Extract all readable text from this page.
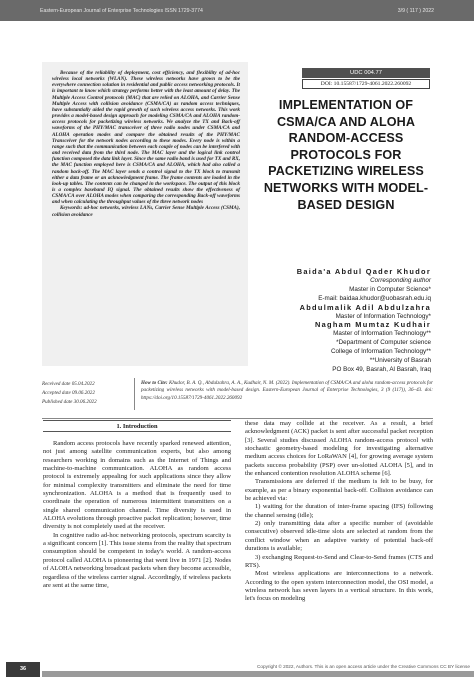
Eastern-European Journal of Enterprise Technologies ISSN 1729-3774	3/9 ( 117 ) 2022

Because of the reliability of deployment, cost efficiency, and flexibility of ad-hoc wireless local networks (WLAN). These wireless networks have grown to be the everywhere connection solution in residential and public access networking protocols. It is important to know which strategy performs better with the least amount of delay. The Multiple Access Control protocols (MAC) that are relied on ALOHA, and Carrier Sense Multiple Access with collision avoidance (CSMA/CA) as random access techniques, have substantially aided the rapid growth of such wireless access networks. This work provides a model-based design approach for modeling CSMA/CA and ALOHA random-access protocols for packetizing wireless networks. We analyze the TX and Back-off waveforms of the PHY/MAC transceiver of three radio nodes under CSMA/CA and ALOHA operation modes and compare the obtained results of the PHY/MAC Transceiver for the network nodes according to these modes. Every node is within a range such that the communication between each couple of nodes can be interfered with and received data from the third node. The MAC layer and the logical link control function composed the data link layer. Since the same radio band is used for TX and RX, the MAC function employed here is CSMA/CA and ALOHA, which had also called a random back-off. The MAC layer sends a control signal to the TX block to transmit either a data frame or an acknowledgment frame. The frame contents are loaded in the look-up tables. The contents can be changed in the workspace. The output of this block is a complex baseband IQ signal. The obtained results show the effectiveness of CSMA/CA over ALOHA modes when comparing the corresponding Back-off waveforms and when calculating the throughput values of the three network nodes

Keywords: ad-hoc networks, wireless LANs, Carrier Sense Multiple Access (CSMA), collision avoidance

UDC 004.77
DOI: 10.15587/1729-4061.2022.260092
IMPLEMENTATION OF CSMA/CA AND ALOHA RANDOM-ACCESS PROTOCOLS FOR PACKETIZING WIRELESS NETWORKS WITH MODEL-BASED DESIGN
Baida'a Abdul Qader Khudor
Corresponding author
Master in Computer Science*
E-mail: baidaa.khudor@uobasrah.edu.iq
Abdulmalik Adil Abdulzahra
Master of Information Technology*
Nagham Mumtaz Kudhair
Master of Information Technology**
*Department of Computer science
College of Information Technology**
**University of Basrah
PO Box 49, Basrah, Al Basrah, Iraq
Received date 05.04.2022
Accepted date 09.06.2022
Published date 30.06.2022
How to Cite: Khudor, B. A. Q., Abdulzahra, A. A., Kudhair, N. M. (2022). Implementation of CSMA/CA and aloha random-access protocols for packetizing wireless networks with model-based design. Eastern-European Journal of Enterprise Technologies, 3 (9 (117)), 36–43. doi: https://doi.org/10.15587/1729-4061.2022.260092
1. Introduction

Random access protocols have recently sparked renewed attention, not just among satellite communication experts, but also among researchers working in domains such as the Internet of Things and machine-to-machine communication. ALOHA as random access protocol is extremely appealing for such applications since they allow for minimal complexity transmitters and eliminate the need for time synchronization. ALOHA is a method that is frequently used to coordinate the operation of numerous intermittent transmitters on a single shared communication channel. Time diversity is used in ALOHA evolutions through proactive packet replication; however, time diversity is not completely used at the receiver.

In cognitive radio ad-hoc networking protocols, spectrum scarcity is a significant concern [1]. This issue stems from the reality that spectrum consumption should be competent in today's world. A random-access protocol called ALOHA is pioneering that went live in 1971 [2]. Nodes of ALOHA networking broadcast packets when they become accessible, regardless of the wireless carrier signal. Accordingly, if wireless packets are sent at the same time,

these data may collide at the receiver. As a result, a brief acknowledgment (ACK) packet is sent after successful packet reception [3]. Several studies discussed ALOHA random-access protocol with stochastic geometry-based modeling for investigating alternative medium access choices for LoRaWAN [4], for growing average system packets success probability (PSP) over un-slotted ALOHA [5], and in the enhanced contention resolution ALOHA scheme [6].

Transmissions are deferred if the medium is felt to be busy, for example, as per a binary exponential back-off. Collision avoidance can be achieved via:

1) waiting for the duration of inter-frame spacing (IFS) following the channel sensing (idle);

2) only transmitting data after a specific number of (avoidable consecutive) observed idle-time slots are selected at random from the conflict window when an adaptive variety of potential back-off durations is available;

3) exchanging Request-to-Send and Clear-to-Send frames (CTS and RTS).

Most wireless applications are interconnections to a network. According to the open system interconnection model, the OSI model, a wireless network has seven layers in a vertical structure. In this work, let's focus on modeling

36	Copyright © 2022, Authors. This is an open access article under the Creative Commons CC BY license
